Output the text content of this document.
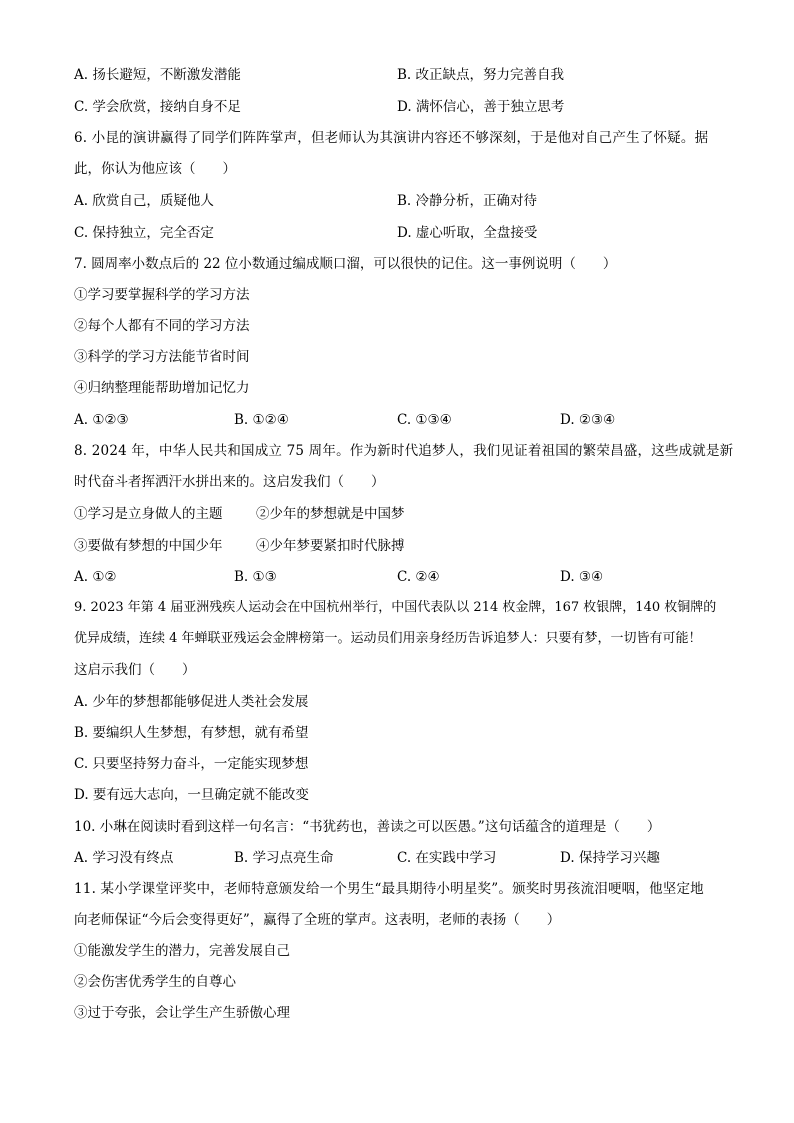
A. 扬长避短，不断激发潜能	B. 改正缺点，努力完善自我
C. 学会欣赏，接纳自身不足	D. 满怀信心，善于独立思考
6. 小昆的演讲赢得了同学们阵阵掌声，但老师认为其演讲内容还不够深刻，于是他对自己产生了怀疑。据
此，你认为他应该（　　）
A. 欣赏自己，质疑他人	B. 冷静分析，正确对待
C. 保持独立，完全否定	D. 虚心听取，全盘接受
7. 圆周率小数点后的 22 位小数通过编成顺口溜，可以很快的记住。这一事例说明（　　）
①学习要掌握科学的学习方法
②每个人都有不同的学习方法
③科学的学习方法能节省时间
④归纳整理能帮助增加记忆力
A. ①②③	B. ①②④	C. ①③④	D. ②③④
8. 2024 年，中华人民共和国成立 75 周年。作为新时代追梦人，我们见证着祖国的繁荣昌盛，这些成就是新
时代奋斗者挥洒汗水拼出来的。这启发我们（　　）
①学习是立身做人的主题 ②少年的梦想就是中国梦
③要做有梦想的中国少年 ④少年梦要紧扣时代脉搏
A. ①②	B. ①③	C. ②④	D. ③④
9. 2023 年第 4 届亚洲残疾人运动会在中国杭州举行，中国代表队以 214 枚金牌，167 枚银牌，140 枚铜牌的
优异成绩，连续 4 年蝉联亚残运会金牌榜第一。运动员们用亲身经历告诉追梦人：只要有梦，一切皆有可能！
这启示我们（　　）
A. 少年的梦想都能够促进人类社会发展
B. 要编织人生梦想，有梦想，就有希望
C. 只要坚持努力奋斗，一定能实现梦想
D. 要有远大志向，一旦确定就不能改变
10. 小琳在阅读时看到这样一句名言：“书犹药也，善读之可以医愚。”这句话蕴含的道理是（　　）
A. 学习没有终点	B. 学习点亮生命	C. 在实践中学习	D. 保持学习兴趣
11. 某小学课堂评奖中，老师特意颁发给一个男生“最具期待小明星奖”。颁奖时男孩流泪哽咽，他坚定地
向老师保证“今后会变得更好”，赢得了全班的掌声。这表明，老师的表扬（　　）
①能激发学生的潜力，完善发展自己
②会伤害优秀学生的自尊心
③过于夸张，会让学生产生骄傲心理
